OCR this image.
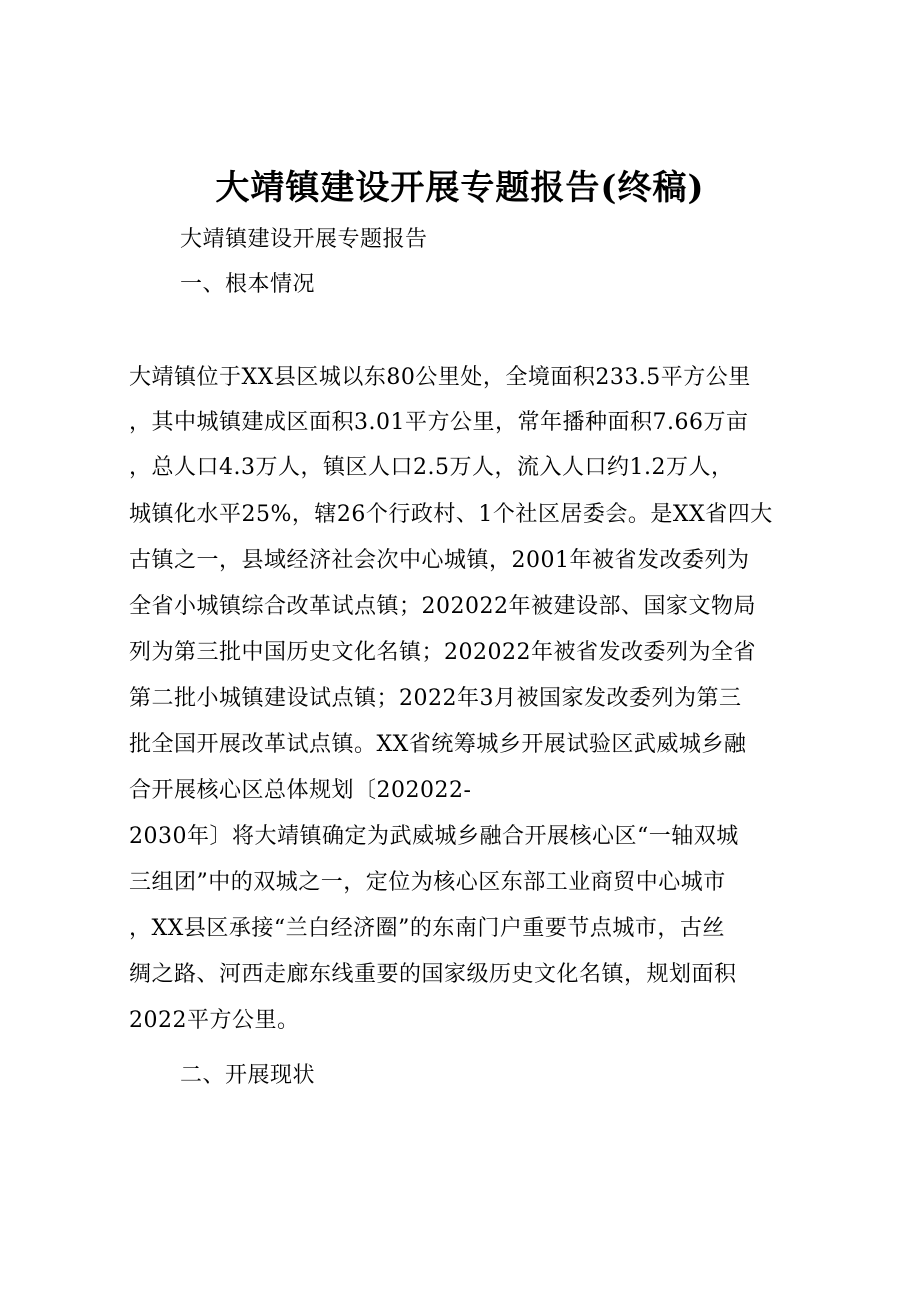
大靖镇建设开展专题报告(终稿)
大靖镇建设开展专题报告
一、根本情况
大靖镇位于XX县区城以东80公里处，全境面积233.5平方公里
，其中城镇建成区面积3.01平方公里，常年播种面积7.66万亩
，总人口4.3万人，镇区人口2.5万人，流入人口约1.2万人，
城镇化水平25%，辖26个行政村、1个社区居委会。是XX省四大
古镇之一，县域经济社会次中心城镇，2001年被省发改委列为
全省小城镇综合改革试点镇；202022年被建设部、国家文物局
列为第三批中国历史文化名镇；202022年被省发改委列为全省
第二批小城镇建设试点镇；2022年3月被国家发改委列为第三
批全国开展改革试点镇。XX省统筹城乡开展试验区武威城乡融
合开展核心区总体规划〔202022-
2030年〕将大靖镇确定为武威城乡融合开展核心区“一轴双城
三组团”中的双城之一，定位为核心区东部工业商贸中心城市
，XX县区承接“兰白经济圈”的东南门户重要节点城市，古丝
绸之路、河西走廊东线重要的国家级历史文化名镇，规划面积
2022平方公里。
二、开展现状
